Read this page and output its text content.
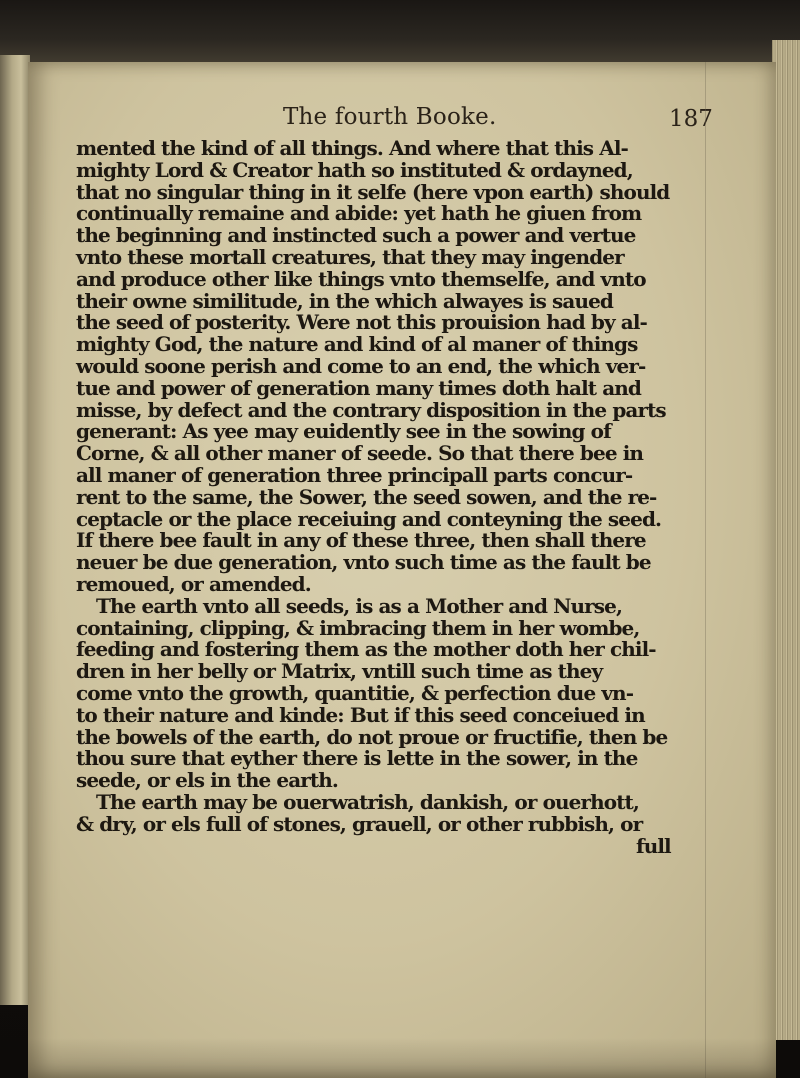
The fourth Booke.	187
mented the kind of all things. And where that this Al-
mighty Lord & Creator hath so instituted & ordayned,
that no singular thing in it selfe (here vpon earth) should
continually remaine and abide: yet hath he giuen from
the beginning and instincted such a power and vertue
vnto these mortall creatures, that they may ingender
and produce other like things vnto themselfe, and vnto
their owne similitude, in the which alwayes is saued
the seed of posterity. Were not this prouision had by al-
mighty God, the nature and kind of al maner of things
would soone perish and come to an end, the which ver-
tue and power of generation many times doth halt and
misse, by defect and the contrary disposition in the parts
generant: As yee may euidently see in the sowing of
Corne, & all other maner of seede. So that there bee in
all maner of generation three principall parts concur-
rent to the same, the Sower, the seed sowen, and the re-
ceptacle or the place receiuing and conteyning the seed.
If there bee fault in any of these three, then shall there
neuer be due generation, vnto such time as the fault be
remoued, or amended.
The earth vnto all seeds, is as a Mother and Nurse,
containing, clipping, & imbracing them in her wombe,
feeding and fostering them as the mother doth her chil-
dren in her belly or Matrix, vntill such time as they
come vnto the growth, quantitie, & perfection due vn-
to their nature and kinde: But if this seed conceiued in
the bowels of the earth, do not proue or fructifie, then be
thou sure that eyther there is lette in the sower, in the
seede, or els in the earth.
The earth may be ouerwatrish, dankish, or ouerhott,
& dry, or els full of stones, grauell, or other rubbish, or
full
